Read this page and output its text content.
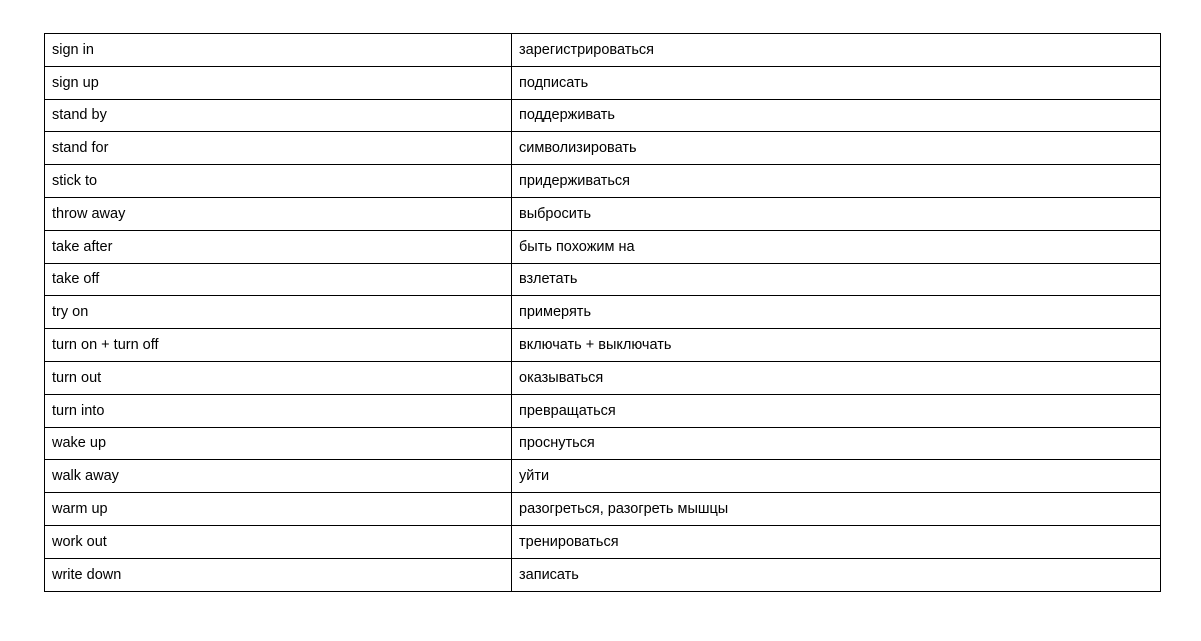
sign in	зарегистрироваться
sign up	подписать
stand by	поддерживать
stand for	символизировать
stick to	придерживаться
throw away	выбросить
take after	быть похожим на
take off	взлетать
try on	примерять
turn on + turn off	включать + выключать
turn out	оказываться
turn into	превращаться
wake up	проснуться
walk away	уйти
warm up	разогреться, разогреть мышцы
work out	тренироваться
write down	записать
